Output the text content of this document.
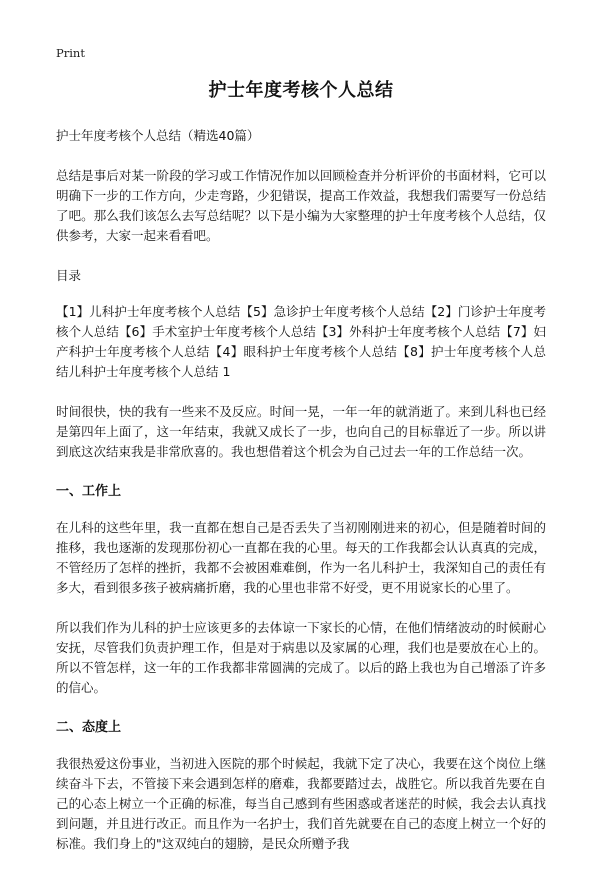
Print
护士年度考核个人总结
护士年度考核个人总结（精选40篇）

总结是事后对某一阶段的学习或工作情况作加以回顾检查并分析评价的书面材料，它可以明确下一步的工作方向，少走弯路，少犯错误，提高工作效益，我想我们需要写一份总结了吧。那么我们该怎么去写总结呢？以下是小编为大家整理的护士年度考核个人总结，仅供参考，大家一起来看看吧。

目录
【1】儿科护士年度考核个人总结【5】急诊护士年度考核个人总结【2】门诊护士年度考核个人总结【6】手术室护士年度考核个人总结【3】外科护士年度考核个人总结【7】妇产科护士年度考核个人总结【4】眼科护士年度考核个人总结【8】护士年度考核个人总结儿科护士年度考核个人总结 1

时间很快，快的我有一些来不及反应。时间一晃，一年一年的就消逝了。来到儿科也已经是第四年上面了，这一年结束，我就又成长了一步，也向自己的目标靠近了一步。所以讲到底这次结束我是非常欣喜的。我也想借着这个机会为自己过去一年的工作总结一次。

一、工作上

在儿科的这些年里，我一直都在想自己是否丢失了当初刚刚进来的初心，但是随着时间的推移，我也逐渐的发现那份初心一直都在我的心里。每天的工作我都会认认真真的完成，不管经历了怎样的挫折，我都不会被困难难倒，作为一名儿科护士，我深知自己的责任有多大，看到很多孩子被病痛折磨，我的心里也非常不好受，更不用说家长的心里了。

所以我们作为儿科的护士应该更多的去体谅一下家长的心情，在他们情绪波动的时候耐心安抚，尽管我们负责护理工作，但是对于病患以及家属的心理，我们也是要放在心上的。所以不管怎样，这一年的工作我都非常圆满的完成了。以后的路上我也为自己增添了许多的信心。

二、态度上

我很热爱这份事业，当初进入医院的那个时候起，我就下定了决心，我要在这个岗位上继续奋斗下去，不管接下来会遇到怎样的磨难，我都要踏过去，战胜它。所以我首先要在自己的心态上树立一个正确的标准，每当自己感到有些困惑或者迷茫的时候，我会去认真找到问题，并且进行改正。而且作为一名护士，我们首先就要在自己的态度上树立一个好的标准。我们身上的"这双纯白的翅膀，是民众所赠予我
